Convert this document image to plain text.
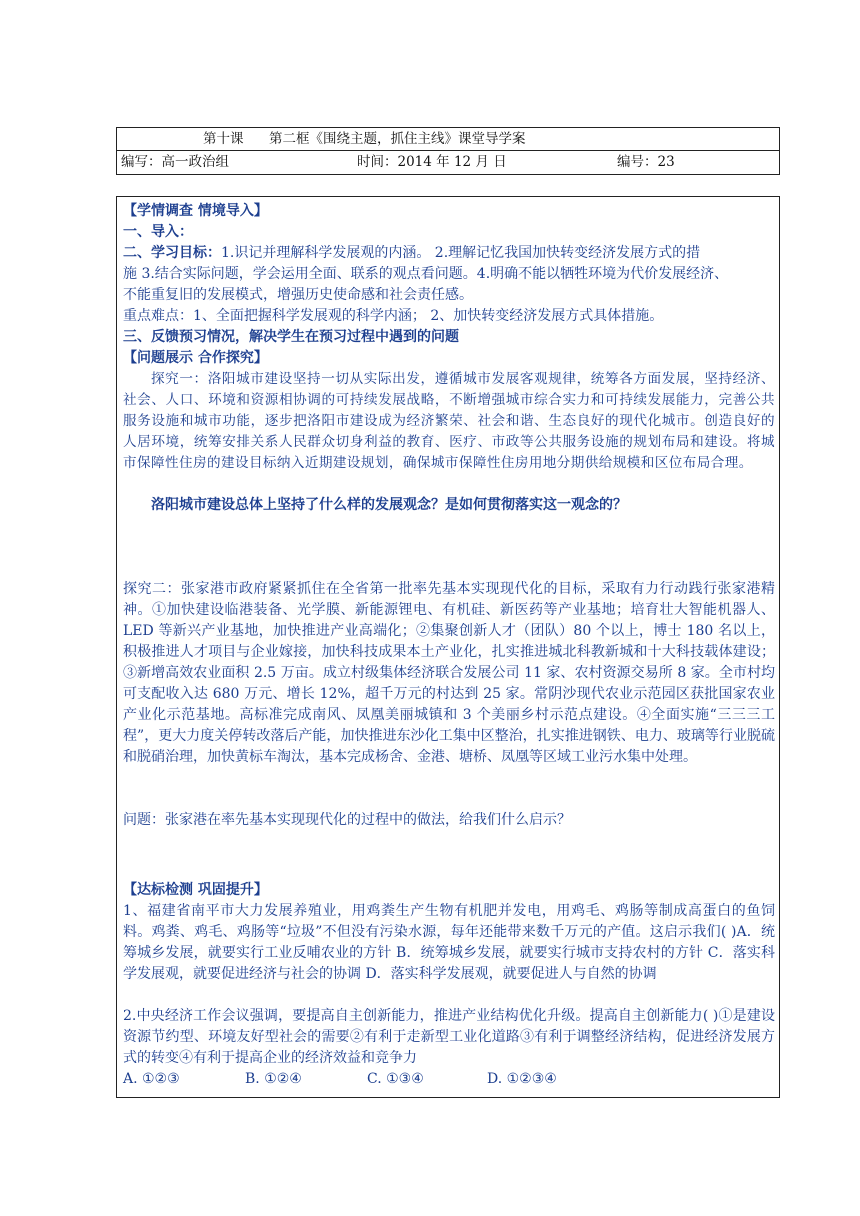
第十课 第二框《围绕主题，抓住主线》课堂导学案
编写：高一政治组	时间：2014 年 12 月 日	编号：23
【学情调查 情境导入】
一、导入：
二、学习目标：1.识记并理解科学发展观的内涵。 2.理解记忆我国加快转变经济发展方式的措
施 3.结合实际问题，学会运用全面、联系的观点看问题。4.明确不能以牺牲环境为代价发展经济、
不能重复旧的发展模式，增强历史使命感和社会责任感。
重点难点：1、全面把握科学发展观的科学内涵； 2、加快转变经济发展方式具体措施。
三、反馈预习情况，解决学生在预习过程中遇到的问题
【问题展示 合作探究】
探究一：洛阳城市建设坚持一切从实际出发，遵循城市发展客观规律，统筹各方面发展，坚持经济、社会、人口、环境和资源相协调的可持续发展战略，不断增强城市综合实力和可持续发展能力，完善公共服务设施和城市功能，逐步把洛阳市建设成为经济繁荣、社会和谐、生态良好的现代化城市。创造良好的人居环境，统筹安排关系人民群众切身利益的教育、医疗、市政等公共服务设施的规划布局和建设。将城市保障性住房的建设目标纳入近期建设规划，确保城市保障性住房用地分期供给规模和区位布局合理。
洛阳城市建设总体上坚持了什么样的发展观念？是如何贯彻落实这一观念的？
探究二：张家港市政府紧紧抓住在全省第一批率先基本实现现代化的目标，采取有力行动践行张家港精神。①加快建设临港装备、光学膜、新能源锂电、有机硅、新医药等产业基地；培育壮大智能机器人、LED 等新兴产业基地，加快推进产业高端化；②集聚创新人才（团队）80 个以上，博士 180 名以上，积极推进人才项目与企业嫁接，加快科技成果本土产业化，扎实推进城北科教新城和十大科技载体建设；③新增高效农业面积 2.5 万亩。成立村级集体经济联合发展公司 11 家、农村资源交易所 8 家。全市村均可支配收入达 680 万元、增长 12%，超千万元的村达到 25 家。常阴沙现代农业示范园区获批国家农业产业化示范基地。高标准完成南风、凤凰美丽城镇和 3 个美丽乡村示范点建设。④全面实施“三三三工程”，更大力度关停转改落后产能，加快推进东沙化工集中区整治，扎实推进钢铁、电力、玻璃等行业脱硫和脱硝治理，加快黄标车淘汰，基本完成杨舍、金港、塘桥、凤凰等区域工业污水集中处理。
问题：张家港在率先基本实现现代化的过程中的做法，给我们什么启示？
【达标检测 巩固提升】
1、福建省南平市大力发展养殖业，用鸡粪生产生物有机肥并发电，用鸡毛、鸡肠等制成高蛋白的鱼饲料。鸡粪、鸡毛、鸡肠等“垃圾”不但没有污染水源，每年还能带来数千万元的产值。这启示我们( )A．统筹城乡发展，就要实行工业反哺农业的方针 B．统筹城乡发展，就要实行城市支持农村的方针 C．落实科学发展观，就要促进经济与社会的协调 D．落实科学发展观，就要促进人与自然的协调
2.中央经济工作会议强调，要提高自主创新能力，推进产业结构优化升级。提高自主创新能力( )①是建设资源节约型、环境友好型社会的需要②有利于走新型工业化道路③有利于调整经济结构，促进经济发展方式的转变④有利于提高企业的经济效益和竞争力
A. ①②③	B. ①②④	C. ①③④	D. ①②③④
